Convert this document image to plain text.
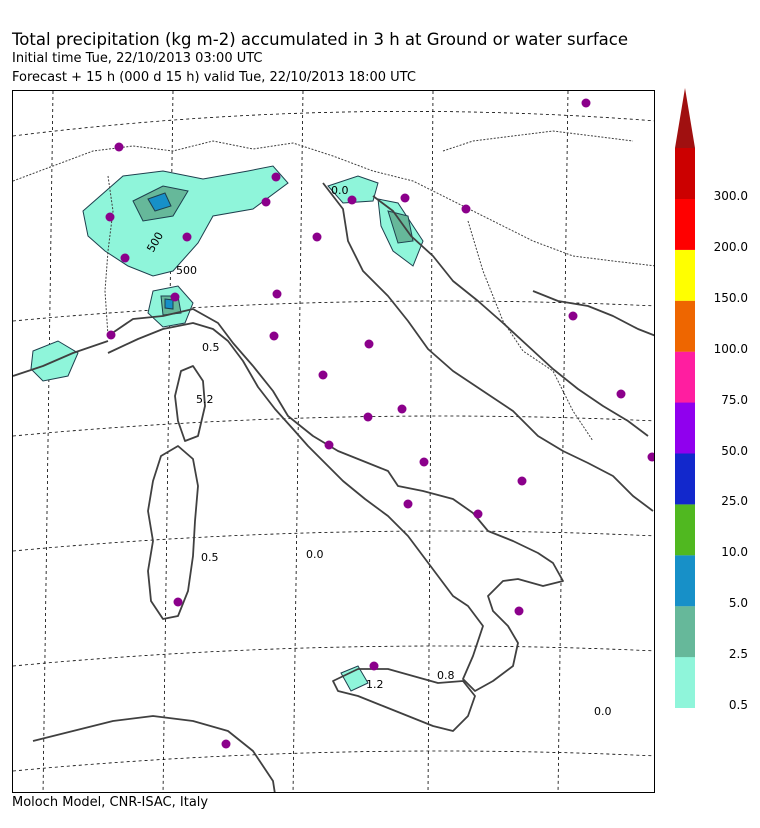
Total precipitation (kg m-2) accumulated in 3 h at Ground or water surface
Initial time Tue, 22/10/2013 03:00 UTC
Forecast + 15 h (000 d 15 h) valid Tue, 22/10/2013 18:00 UTC
5.2
0.5	0.0
1.2
0.8
0.0
0.0
0.5
500
500
0.5
2.5
5.0
10.0
25.0
50.0
75.0
100.0
150.0
200.0
300.0
Moloch Model, CNR-ISAC, Italy
